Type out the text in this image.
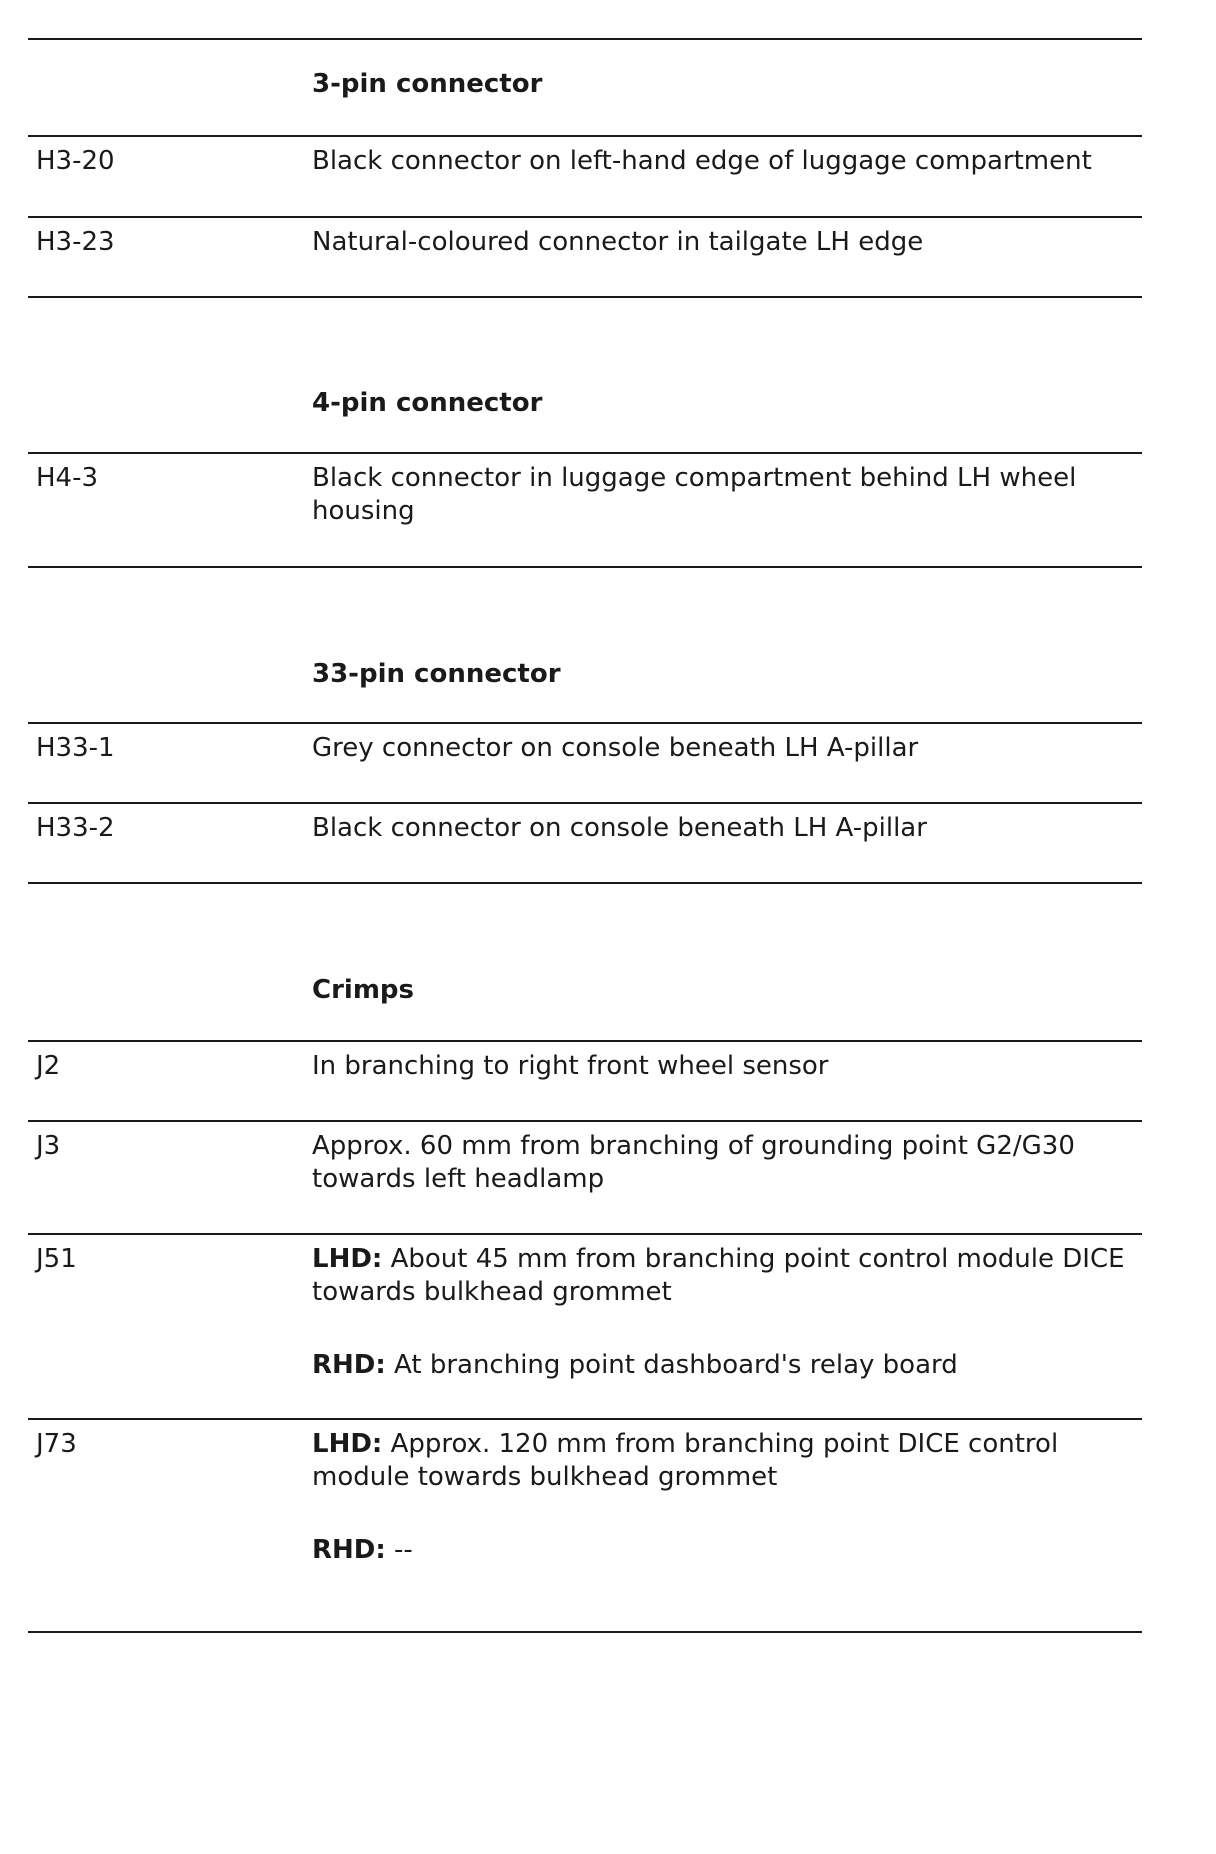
3-pin connector
H3-20	Black connector on left-hand edge of luggage compartment
H3-23	Natural-coloured connector in tailgate LH edge
4-pin connector
H4-3	Black connector in luggage compartment behind LH wheel housing
33-pin connector
H33-1	Grey connector on console beneath LH A-pillar
H33-2	Black connector on console beneath LH A-pillar
Crimps
J2	In branching to right front wheel sensor
J3	Approx. 60 mm from branching of grounding point G2/G30 towards left headlamp
J51	LHD: About 45 mm from branching point control module DICE towards bulkhead grommet
RHD: At branching point dashboard's relay board
J73	LHD: Approx. 120 mm from branching point DICE control module towards bulkhead grommet
RHD: --
